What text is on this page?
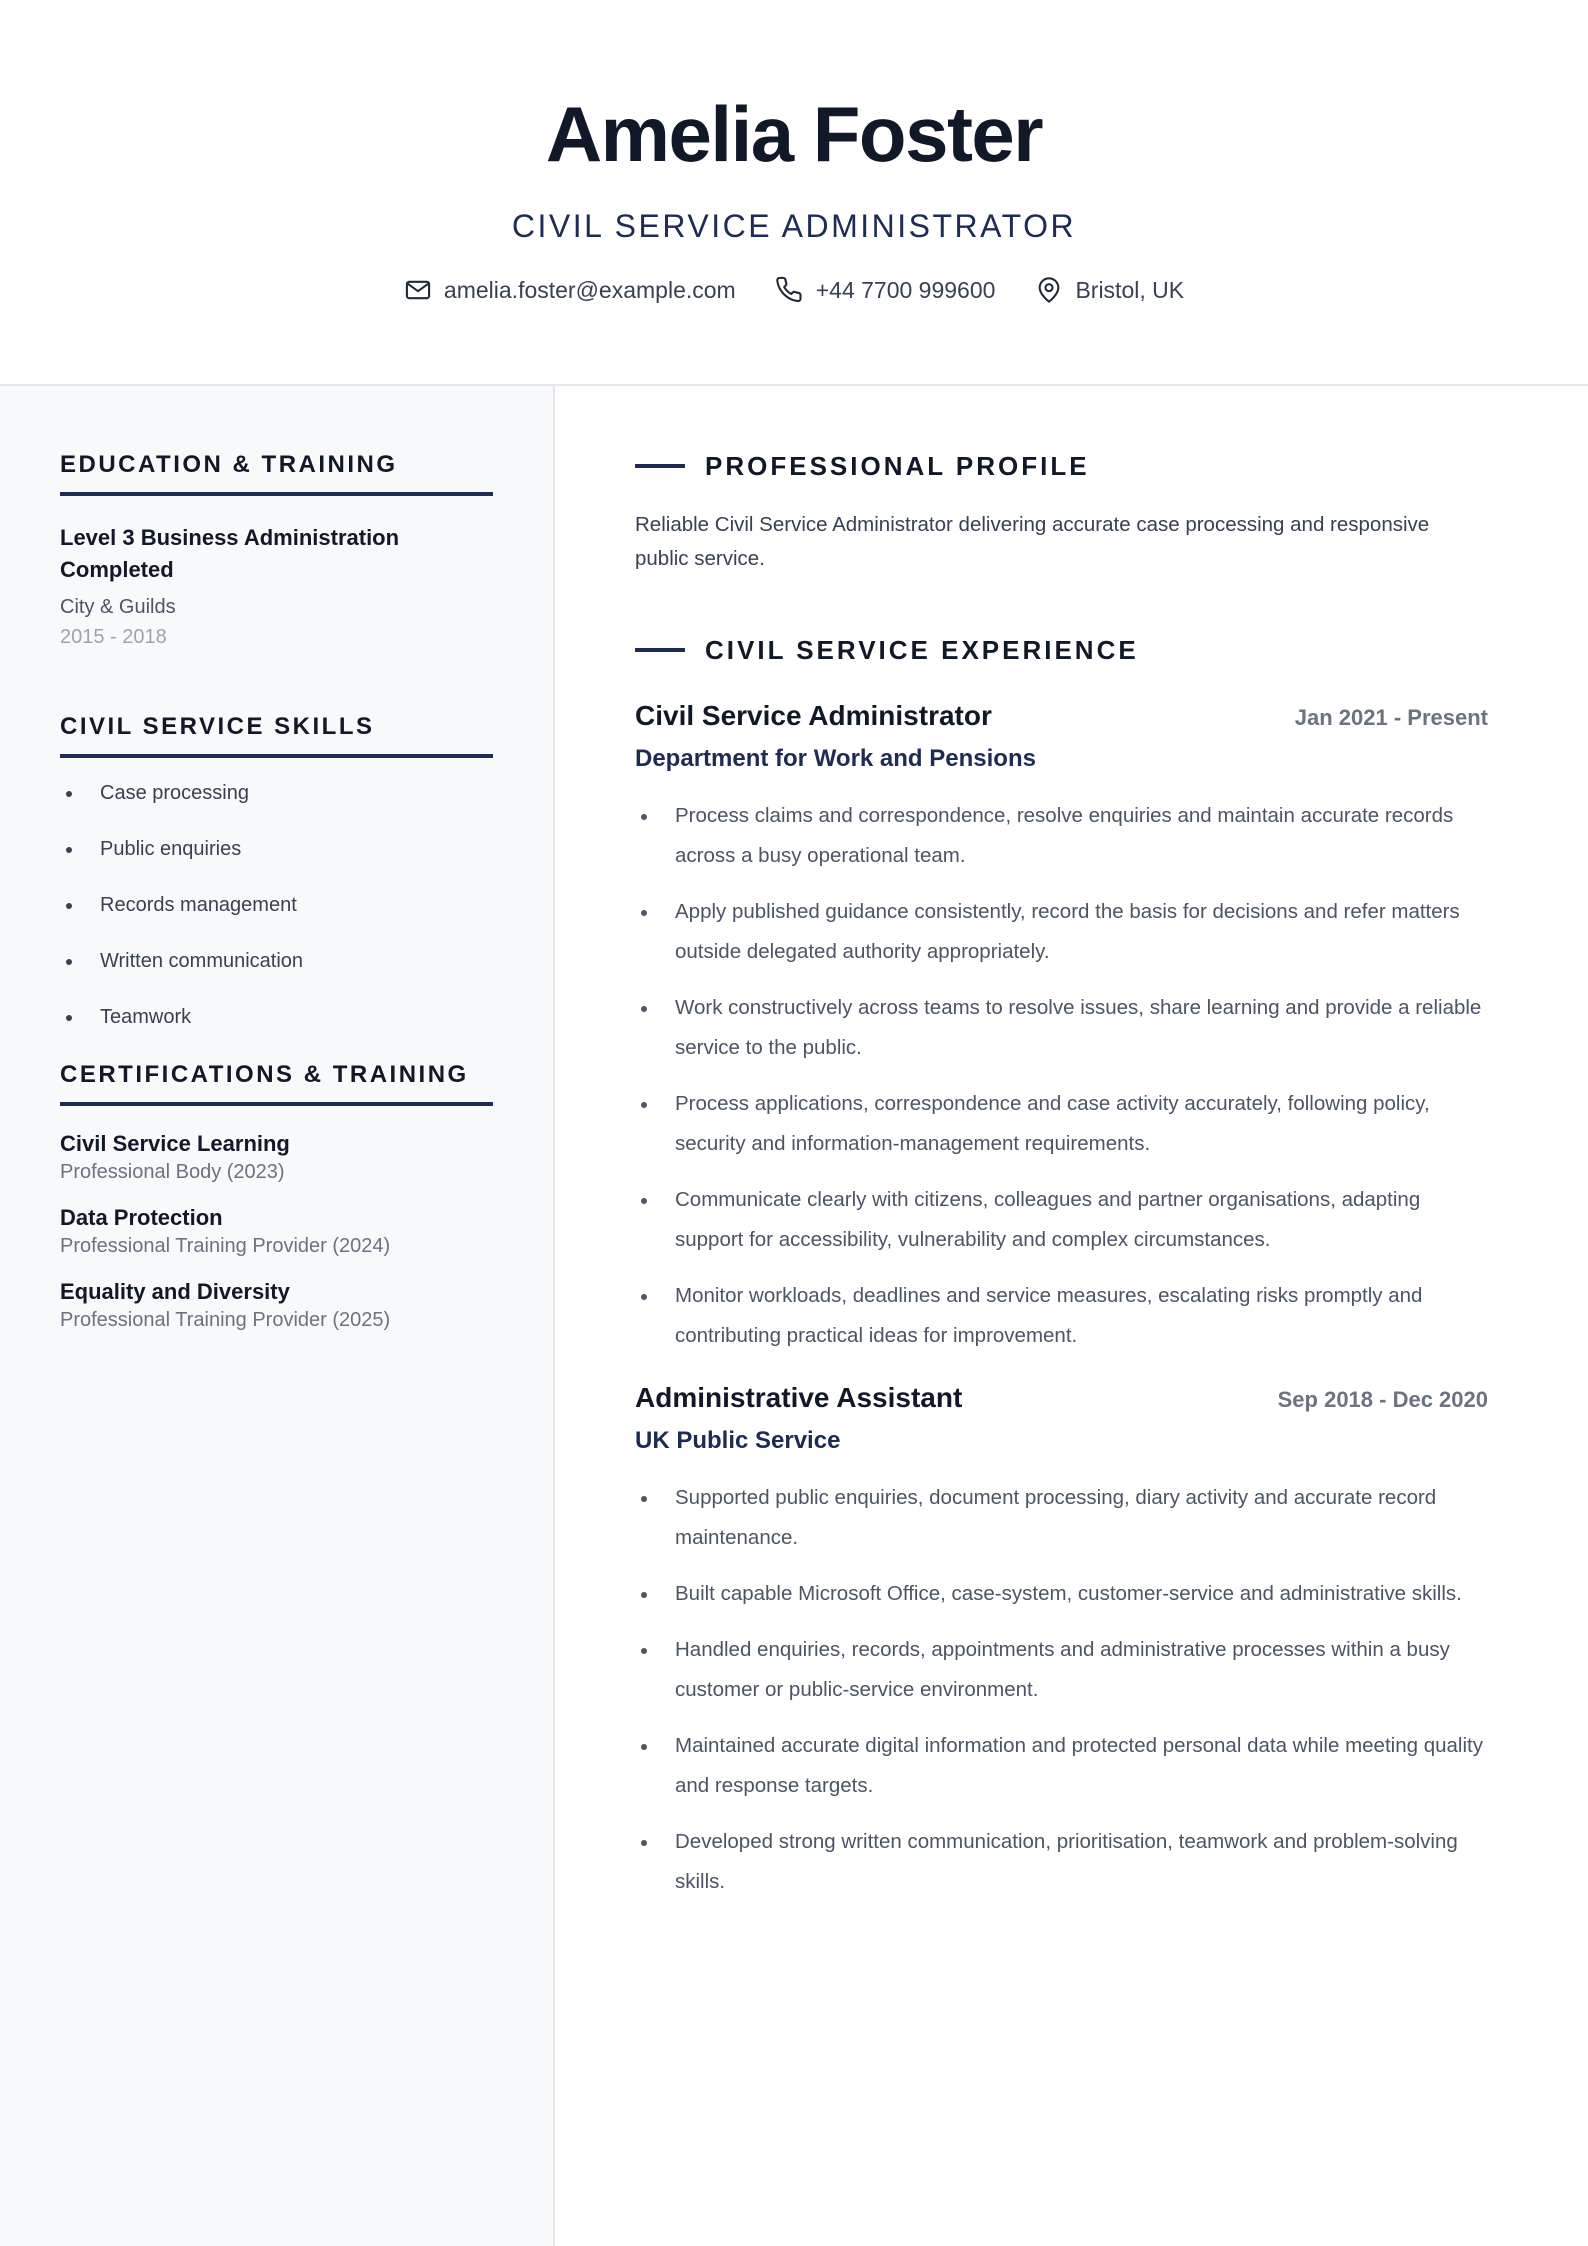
Amelia Foster
CIVIL SERVICE ADMINISTRATOR
amelia.foster@example.com	+44 7700 999600	Bristol, UK
EDUCATION & TRAINING
Level 3 Business Administration Completed
City & Guilds
2015 - 2018
CIVIL SERVICE SKILLS
Case processing
Public enquiries
Records management
Written communication
Teamwork
CERTIFICATIONS & TRAINING
Civil Service Learning
Professional Body (2023)
Data Protection
Professional Training Provider (2024)
Equality and Diversity
Professional Training Provider (2025)
PROFESSIONAL PROFILE
Reliable Civil Service Administrator delivering accurate case processing and responsive public service.
CIVIL SERVICE EXPERIENCE
Civil Service Administrator	Jan 2021 - Present
Department for Work and Pensions
Process claims and correspondence, resolve enquiries and maintain accurate records across a busy operational team.
Apply published guidance consistently, record the basis for decisions and refer matters outside delegated authority appropriately.
Work constructively across teams to resolve issues, share learning and provide a reliable service to the public.
Process applications, correspondence and case activity accurately, following policy, security and information-management requirements.
Communicate clearly with citizens, colleagues and partner organisations, adapting support for accessibility, vulnerability and complex circumstances.
Monitor workloads, deadlines and service measures, escalating risks promptly and contributing practical ideas for improvement.
Administrative Assistant	Sep 2018 - Dec 2020
UK Public Service
Supported public enquiries, document processing, diary activity and accurate record maintenance.
Built capable Microsoft Office, case-system, customer-service and administrative skills.
Handled enquiries, records, appointments and administrative processes within a busy customer or public-service environment.
Maintained accurate digital information and protected personal data while meeting quality and response targets.
Developed strong written communication, prioritisation, teamwork and problem-solving skills.
